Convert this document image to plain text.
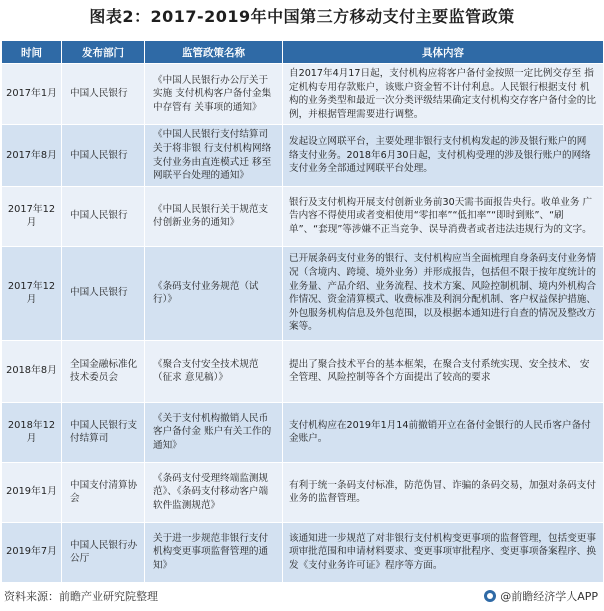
图表2：2017-2019年中国第三方移动支付主要监管政策
时间	发布部门	监管政策名称	具体内容
2017年1月	中国人民银行	《中国人民银行办公厅关于实施 支付机构客户备付金集中存管有 关事项的通知》	自2017年4月17日起，支付机构应将客户备付金按照一定比例交存至 指定机构专用存款账户，该账户资金暂不计付利息。人民银行根据支付 机构的业务类型和最近一次分类评级结果确定支付机构交存客户备付金的比例，并根据管理需要进行调整。
2017年8月	中国人民银行	《中国人民银行支付结算司关于将非银 行支付机构网络支付业务由直连模式迁 移至网联平台处理的通知》	发起设立网联平台，主要处理非银行支付机构发起的涉及银行账户的网 络支付业务。2018年6月30日起，支付机构受理的涉及银行账户的网络 支付业务全部通过网联平台处理。
2017年12月	中国人民银行	《中国人民银行关于规范支付创新业务的通知》	银行及支付机构开展支付创新业务前30天需书面报告央行。收单业务 广告内容不得使用或者变相使用“零扣率”“低扣率”“即时到账”、“刷单”、“套现”等涉嫌不正当竞争、误导消费者或者违法违规行为的文字。
2017年12月	中国人民银行	《条码支付业务规范（试行）》	已开展条码支付业务的银行、支付机构应当全面梳理自身条码支付业务情况（含境内、跨境、境外业务）并形成报告，包括但不限于按年度统计的业务量、产品介绍、业务流程、技术方案、风险控制机制、境内外机构合作情况、资金清算模式、收费标准及利润分配机制、客户权益保护措施、外包服务机构信息及外包范围，以及根据本通知进行自查的情况及整改方案等。
2018年8月	全国金融标准化技术委员会	《聚合支付安全技术规范（征求 意见稿）》	提出了聚合技术平台的基本框架，在聚合支付系统实现、安全技术、 安全管理、风险控制等各个方面提出了较高的要求
2018年12月	中国人民银行支付结算司	《关于支付机构撤销人民币客户备付金 账户有关工作的通知》	支付机构应在2019年1月14前撤销开立在备付金银行的人民币客户备付金账户。
2019年1月	中国支付清算协会	《条码支付受理终端监测规范》、《条码支付移动客户端软件监测规范》	有利于统一条码支付标准，防范伪冒、诈骗的条码交易，加强对条码支付业务的监督管理。
2019年7月	中国人民银行办公厅	关于进一步规范非银行支付机构变更事项监督管理的通知》	该通知进一步规范了对非银行支付机构变更事项的监督管理，包括变更事项审批范围和申请材料要求、变更事项审批程序、变更事项备案程序、换发《支付业务许可证》程序等方面。
资料来源：前瞻产业研究院整理	@前瞻经济学人APP
